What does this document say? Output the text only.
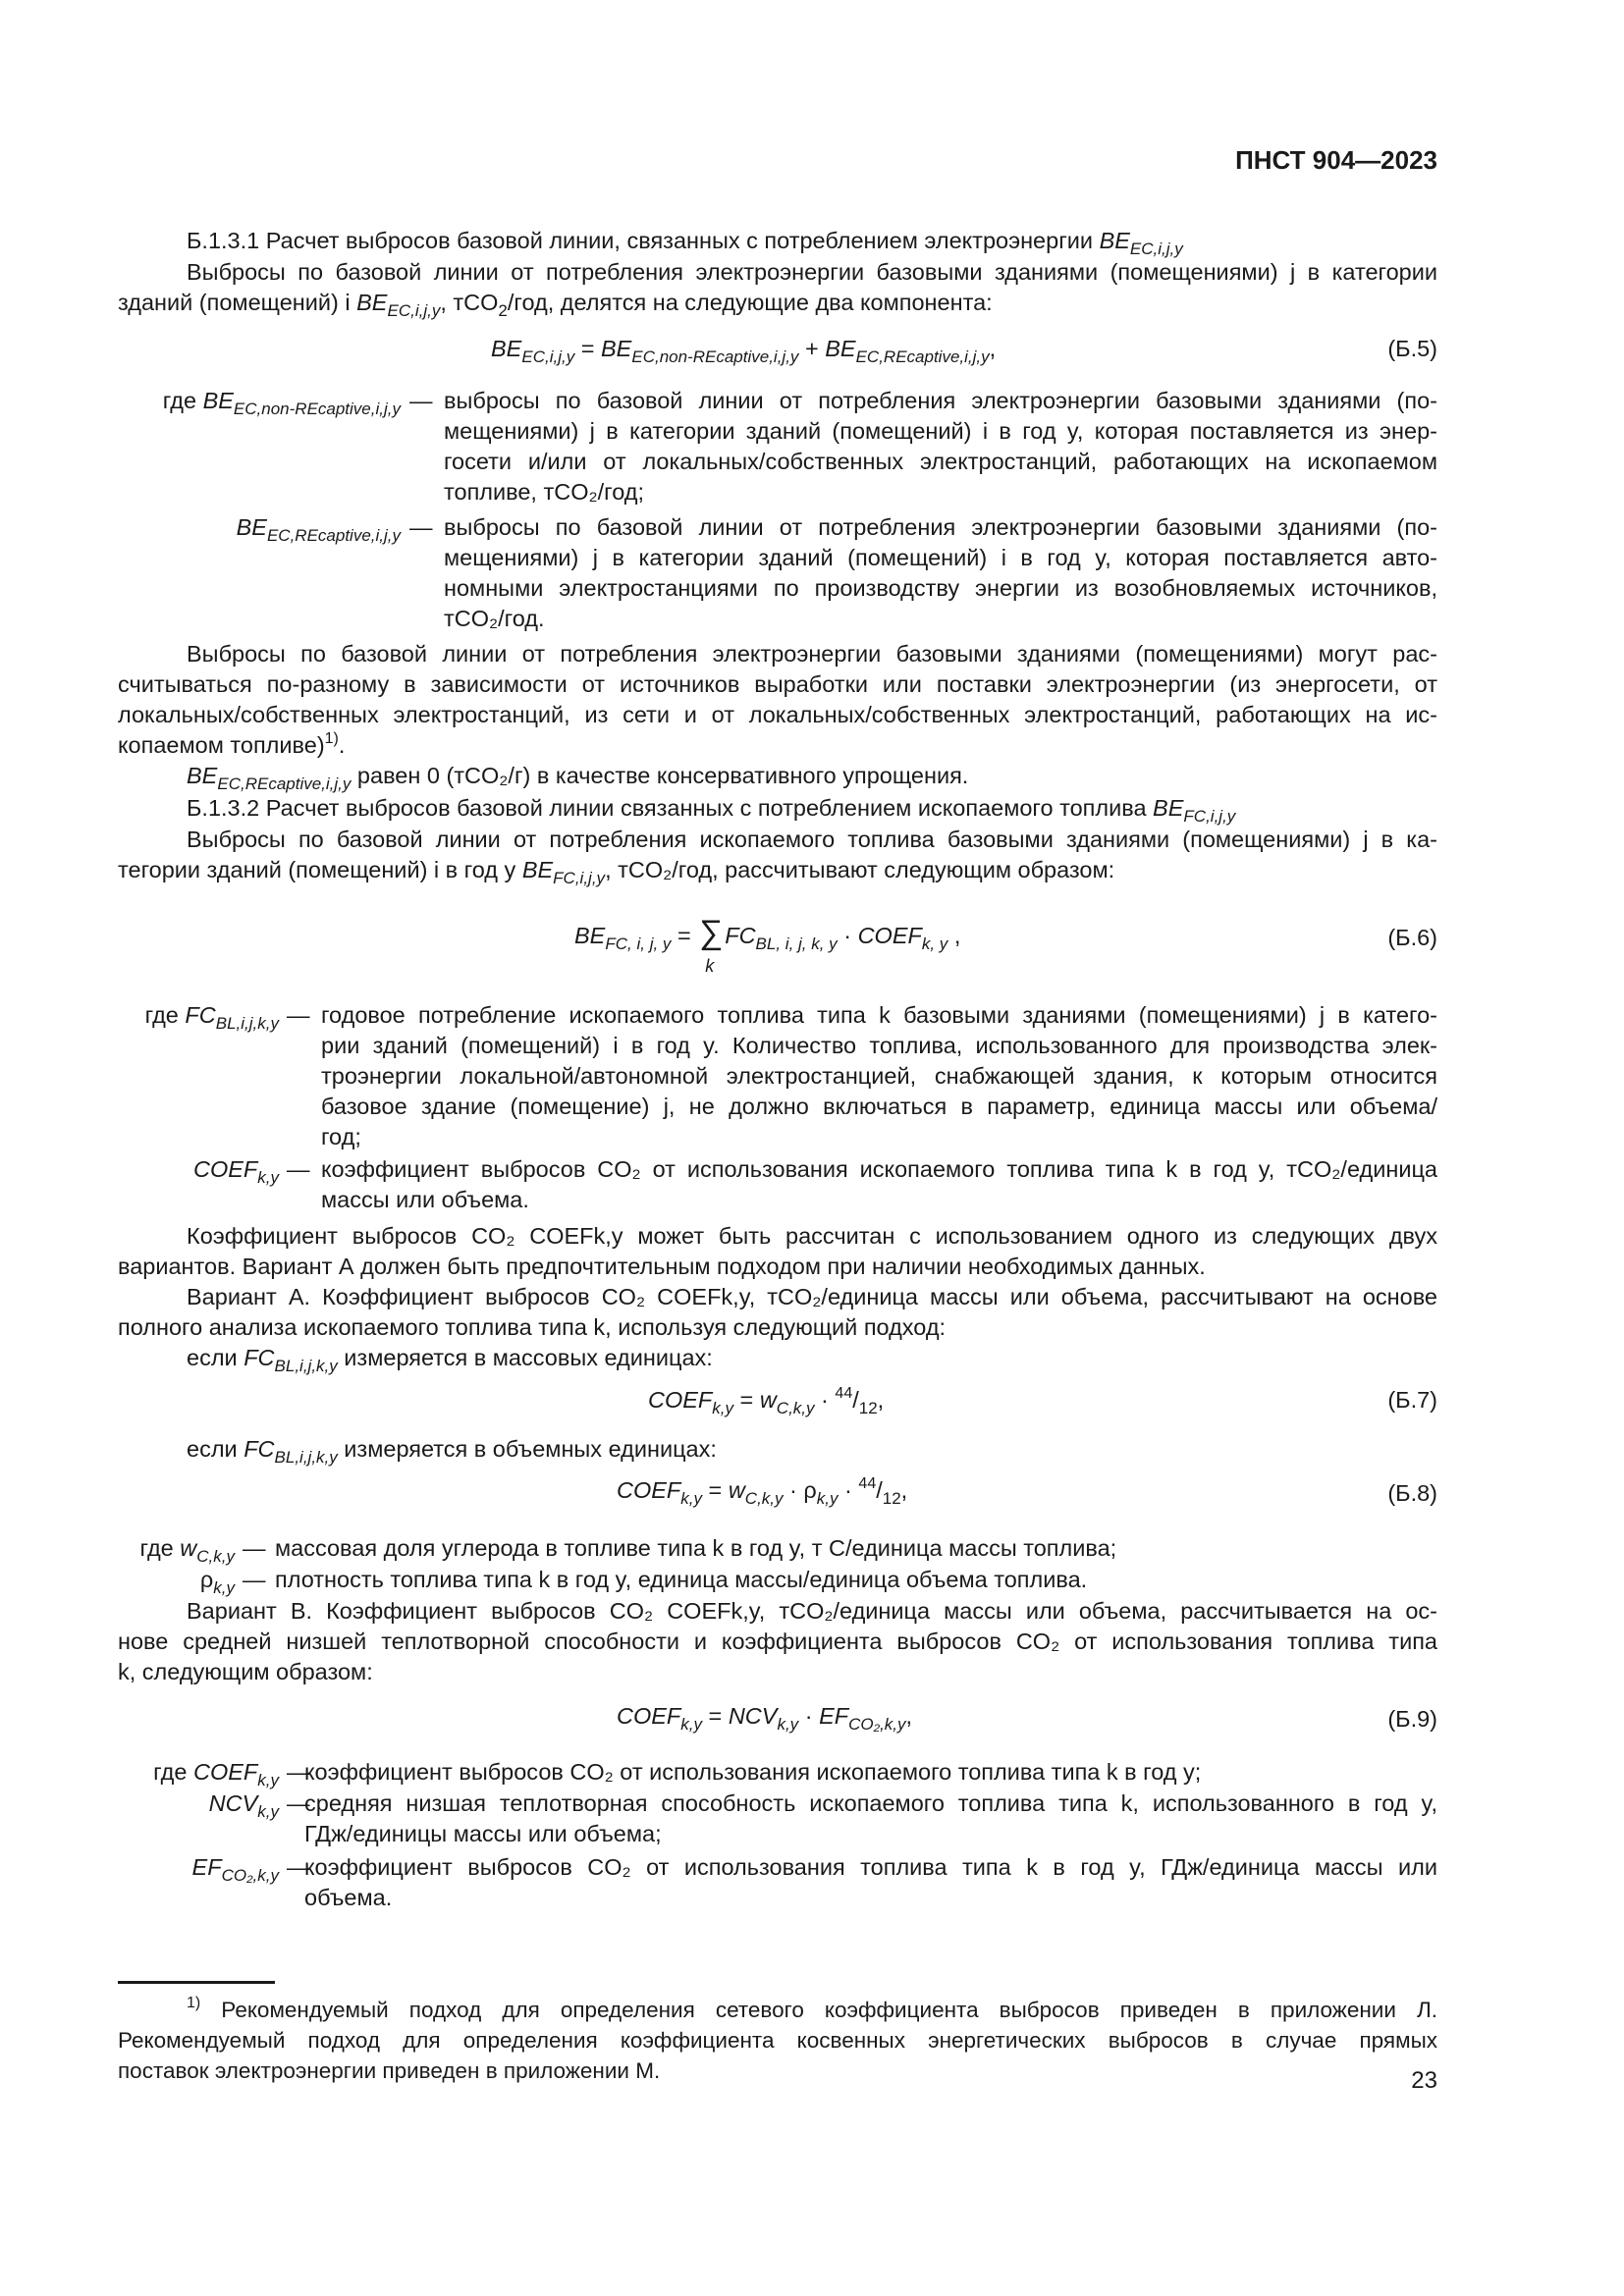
ПНСТ 904—2023
Б.1.3.1 Расчет выбросов базовой линии, связанных с потреблением электроэнергии $BE_{EC,i,j,y}$
Выбросы по базовой линии от потребления электроэнергии базовыми зданиями (помещениями) j в категории
зданий (помещений) i $BE_{EC,i,j,y}$, тCO$_2$/год, делятся на следующие два компонента:
$BE_{EC,i,j,y} = BE_{EC,non-REcaptive,i,j,y} + BE_{EC,REcaptive,i,j,y}$,	(Б.5)
где $BE_{EC,non-REcaptive,i,j,y}$ — выбросы по базовой линии от потребления электроэнергии базовыми зданиями (по-
мещениями) j в категории зданий (помещений) i в год y, которая поставляется из энер-
госети и/или от локальных/собственных электростанций, работающих на ископаемом
топливе, тCO₂/год;
$BE_{EC,REcaptive,i,j,y}$ — выбросы по базовой линии от потребления электроэнергии базовыми зданиями (по-
мещениями) j в категории зданий (помещений) i в год y, которая поставляется авто-
номными электростанциями по производству энергии из возобновляемых источников,
тCO₂/год.
Выбросы по базовой линии от потребления электроэнергии базовыми зданиями (помещениями) могут рас-
считываться по-разному в зависимости от источников выработки или поставки электроэнергии (из энергосети, от
локальных/собственных электростанций, из сети и от локальных/собственных электростанций, работающих на ис-
копаемом топливе)$^{1)}$.
$BE_{EC,REcaptive,i,j,y}$ равен 0 (тCO₂/г) в качестве консервативного упрощения.
Б.1.3.2 Расчет выбросов базовой линии связанных с потреблением ископаемого топлива $BE_{FC,i,j,y}$
Выбросы по базовой линии от потребления ископаемого топлива базовыми зданиями (помещениями) j в ка-
тегории зданий (помещений) i в год y $BE_{FC,i,j,y}$, тCO₂/год, рассчитывают следующим образом:
$BE_{FC, i, j, y}$ = ∑
k
$FC_{BL, i, j, k, y}$ · $COEF_{k, y}$ ,	(Б.6)
где $FC_{BL,i,j,k,y}$ — годовое потребление ископаемого топлива типа k базовыми зданиями (помещениями) j в катего-
рии зданий (помещений) i в год y. Количество топлива, использованного для производства элек-
троэнергии локальной/автономной электростанцией, снабжающей здания, к которым относится
базовое здание (помещение) j, не должно включаться в параметр, единица массы или объема/
год;
$COEF_{k,y}$ — коэффициент выбросов CO₂ от использования ископаемого топлива типа k в год y, тCO₂/единица
массы или объема.
Коэффициент выбросов CO₂ COEFk,y может быть рассчитан с использованием одного из следующих двух
вариантов. Вариант А должен быть предпочтительным подходом при наличии необходимых данных.
Вариант А. Коэффициент выбросов CO₂ COEFk,y, тCO₂/единица массы или объема, рассчитывают на основе
полного анализа ископаемого топлива типа k, используя следующий подход:
если $FC_{BL,i,j,k,y}$ измеряется в массовых единицах:
$COEF_{k,y} = w_{C,k,y} \cdot ^{44}/_{12}$,	(Б.7)
если $FC_{BL,i,j,k,y}$ измеряется в объемных единицах:
$COEF_{k,y} = w_{C,k,y} \cdot \rho_{k,y} \cdot ^{44}/_{12}$,	(Б.8)
где $w_{C,k,y}$ — массовая доля углерода в топливе типа k в год y, т С/единица массы топлива;
$\rho_{k,y}$ — плотность топлива типа k в год y, единица массы/единица объема топлива.
Вариант В. Коэффициент выбросов CO₂ COEFk,y, тCO₂/единица массы или объема, рассчитывается на ос-
нове средней низшей теплотворной способности и коэффициента выбросов CO₂ от использования топлива типа
k, следующим образом:
$COEF_{k,y} = NCV_{k,y} \cdot EF_{CO_2,k,y}$,	(Б.9)
где $COEF_{k,y}$ —
коэффициент выбросов CO₂ от использования ископаемого топлива типа k в год y;
$NCV_{k,y}$ —
средняя низшая теплотворная способность ископаемого топлива типа k, использованного в год y,
ГДж/единицы массы или объема;
$EF_{CO_2,k,y}$ —
коэффициент выбросов CO₂ от использования топлива типа k в год y, ГДж/единица массы или
объема.
$^{1)}$ Рекомендуемый подход для определения сетевого коэффициента выбросов приведен в приложении Л.
Рекомендуемый подход для определения коэффициента косвенных энергетических выбросов в случае прямых
поставок электроэнергии приведен в приложении М.	23
